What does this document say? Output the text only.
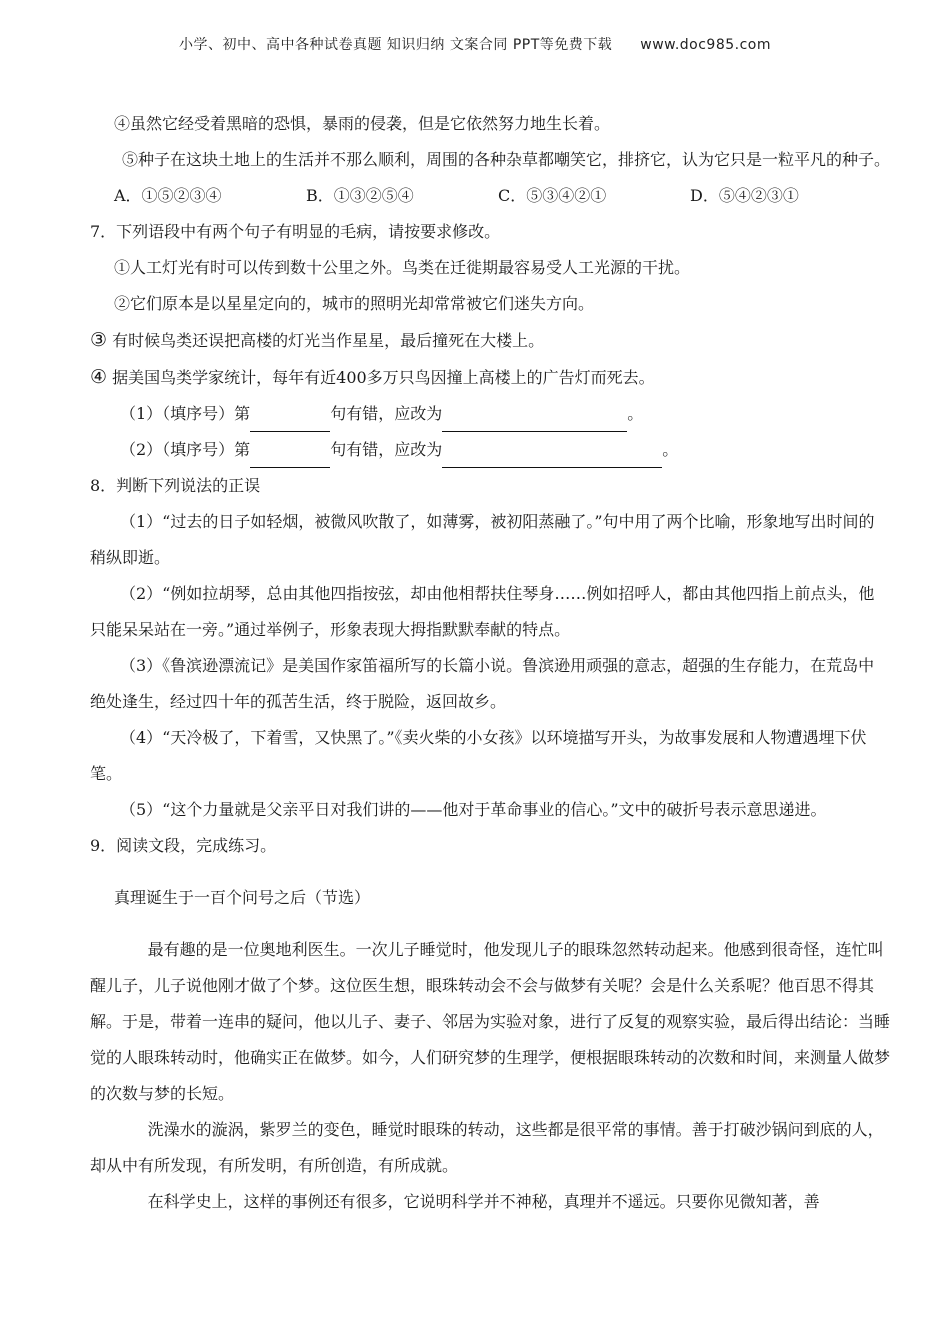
小学、初中、高中各种试卷真题 知识归纳 文案合同 PPT等免费下载 www.doc985.com

④虽然它经受着黑暗的恐惧，暴雨的侵袭，但是它依然努力地生长着。

⑤种子在这块土地上的生活并不那么顺利，周围的各种杂草都嘲笑它，排挤它，认为它只是一粒平凡的种子。

A．①⑤②③④	B．①③②⑤④	C．⑤③④②①	D．⑤④②③①

7．下列语段中有两个句子有明显的毛病，请按要求修改。

①人工灯光有时可以传到数十公里之外。鸟类在迁徙期最容易受人工光源的干扰。

②它们原本是以星星定向的，城市的照明光却常常被它们迷失方向。

③ 有时候鸟类还误把高楼的灯光当作星星，最后撞死在大楼上。

④ 据美国鸟类学家统计，每年有近400多万只鸟因撞上高楼上的广告灯而死去。

（1）（填序号）第	句有错，应改为	。

（2）（填序号）第	句有错，应改为	。

8．判断下列说法的正误

（1）“过去的日子如轻烟，被微风吹散了，如薄雾，被初阳蒸融了。”句中用了两个比喻，形象地写出时间的稍纵即逝。

（2）“例如拉胡琴，总由其他四指按弦，却由他相帮扶住琴身……例如招呼人，都由其他四指上前点头，他只能呆呆站在一旁。”通过举例子，形象表现大拇指默默奉献的特点。

（3）《鲁滨逊漂流记》是美国作家笛福所写的长篇小说。鲁滨逊用顽强的意志，超强的生存能力，在荒岛中绝处逢生，经过四十年的孤苦生活，终于脱险，返回故乡。

（4）“天冷极了，下着雪，又快黑了。”《卖火柴的小女孩》以环境描写开头，为故事发展和人物遭遇埋下伏笔。

（5）“这个力量就是父亲平日对我们讲的——他对于革命事业的信心。”文中的破折号表示意思递进。

9．阅读文段，完成练习。

真理诞生于一百个问号之后（节选）

最有趣的是一位奥地利医生。一次儿子睡觉时，他发现儿子的眼珠忽然转动起来。他感到很奇怪，连忙叫醒儿子，儿子说他刚才做了个梦。这位医生想，眼珠转动会不会与做梦有关呢？会是什么关系呢？他百思不得其解。于是，带着一连串的疑问，他以儿子、妻子、邻居为实验对象，进行了反复的观察实验，最后得出结论：当睡觉的人眼珠转动时，他确实正在做梦。如今，人们研究梦的生理学，便根据眼珠转动的次数和时间，来测量人做梦的次数与梦的长短。

洗澡水的漩涡，紫罗兰的变色，睡觉时眼珠的转动，这些都是很平常的事情。善于打破沙锅问到底的人，却从中有所发现，有所发明，有所创造，有所成就。

在科学史上，这样的事例还有很多，它说明科学并不神秘，真理并不遥远。只要你见微知著，善
